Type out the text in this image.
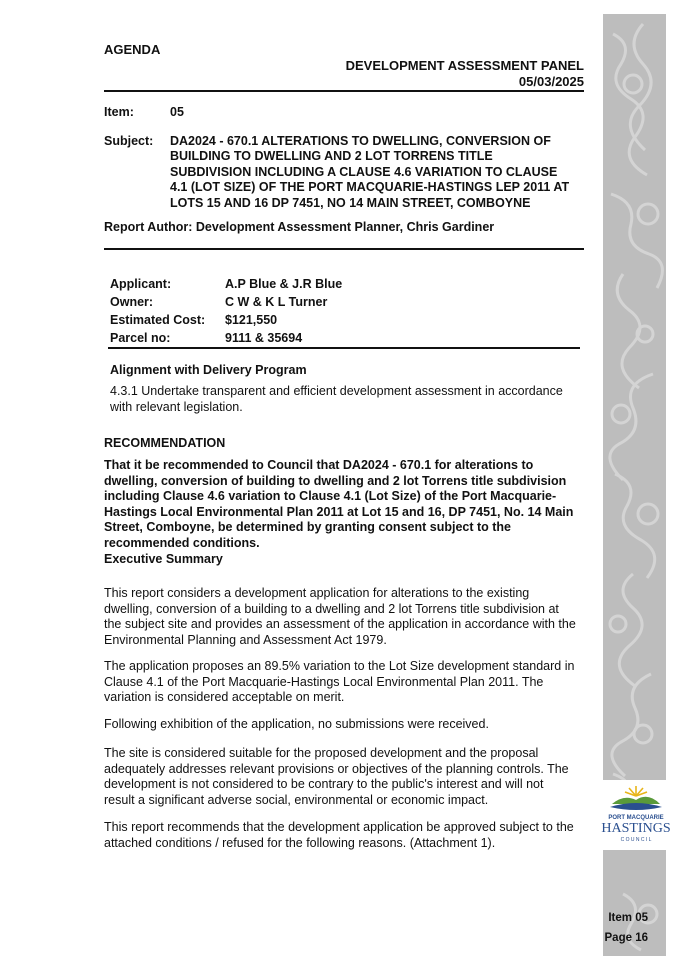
PORT MACQUARIE
HASTINGS
C O U N C I L
AGENDA
DEVELOPMENT ASSESSMENT PANEL
05/03/2025
Item:	05
Subject: DA2024 - 670.1 ALTERATIONS TO DWELLING, CONVERSION OF
BUILDING TO DWELLING AND 2 LOT TORRENS TITLE
SUBDIVISION INCLUDING A CLAUSE 4.6 VARIATION TO CLAUSE
4.1 (LOT SIZE) OF THE PORT MACQUARIE-HASTINGS LEP 2011 AT
LOTS 15 AND 16 DP 7451, NO 14 MAIN STREET, COMBOYNE
Report Author: Development Assessment Planner, Chris Gardiner
Applicant:	A.P Blue & J.R Blue
Owner:	C W & K L Turner
Estimated Cost: $121,550
Parcel no:	9111 & 35694
Alignment with Delivery Program
4.3.1 Undertake transparent and efficient development assessment in accordance
with relevant legislation.
RECOMMENDATION
That it be recommended to Council that DA2024 - 670.1 for alterations to
dwelling, conversion of building to dwelling and 2 lot Torrens title subdivision
including Clause 4.6 variation to Clause 4.1 (Lot Size) of the Port Macquarie-
Hastings Local Environmental Plan 2011 at Lot 15 and 16, DP 7451, No. 14 Main
Street, Comboyne, be determined by granting consent subject to the
recommended conditions.
Executive Summary
This report considers a development application for alterations to the existing
dwelling, conversion of a building to a dwelling and 2 lot Torrens title subdivision at
the subject site and provides an assessment of the application in accordance with the
Environmental Planning and Assessment Act 1979.
The application proposes an 89.5% variation to the Lot Size development standard in
Clause 4.1 of the Port Macquarie-Hastings Local Environmental Plan 2011. The
variation is considered acceptable on merit.
Following exhibition of the application, no submissions were received.
The site is considered suitable for the proposed development and the proposal
adequately addresses relevant provisions or objectives of the planning controls. The
development is not considered to be contrary to the public's interest and will not
result a significant adverse social, environmental or economic impact.
This report recommends that the development application be approved subject to the
attached conditions / refused for the following reasons. (Attachment 1).
Item 05
Page 16
